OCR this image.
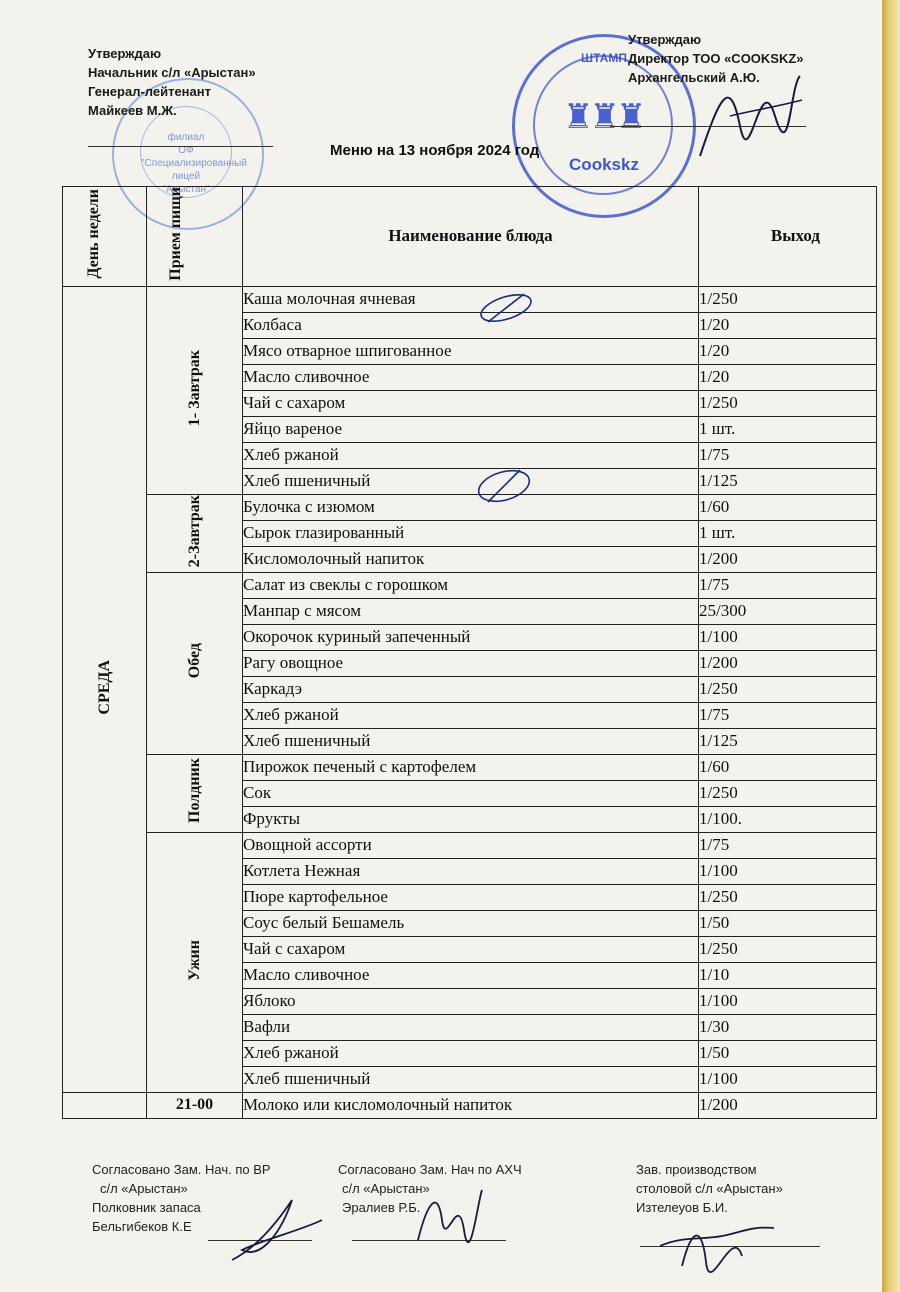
филиал
ОФ
"Специализированный
лицей
"Арыстан"
Утверждаю
Начальник с/л «Арыстан»
Генерал-лейтенант
Майкеев М.Ж.
ШТАМП
♜♜♜
Cookskz
Утверждаю
Директор ТОО «COOKSKZ»
Архангельский А.Ю.
Меню на 13 ноября 2024 год
День недели	Прием пищи	Наименование блюда	Выход
СРЕДА	1- Завтрак	Каша молочная ячневая	1/250
		Колбаса	1/20
		Мясо отварное шпигованное	1/20
		Масло сливочное	1/20
		Чай с сахаром	1/250
		Яйцо вареное	1 шт.
		Хлеб ржаной	1/75
		Хлеб пшеничный	1/125
	2-Завтрак	Булочка с изюмом	1/60
		Сырок глазированный	1 шт.
		Кисломолочный напиток	1/200
	Обед	Салат из свеклы с горошком	1/75
		Манпар с мясом	25/300
		Окорочок куриный запеченный	1/100
		Рагу овощное	1/200
		Каркадэ	1/250
		Хлеб ржаной	1/75
		Хлеб пшеничный	1/125
	Полдник	Пирожок печеный с картофелем	1/60
		Сок	1/250
		Фрукты	1/100.
	Ужин	Овощной ассорти	1/75
		Котлета Нежная	1/100
		Пюре картофельное	1/250
		Соус белый Бешамель	1/50
		Чай с сахаром	1/250
		Масло сливочное	1/10
		Яблоко	1/100
		Вафли	1/30
		Хлеб ржаной	1/50
		Хлеб пшеничный	1/100
	21-00	Молоко или кисломолочный напиток	1/200
Согласовано Зам. Нач. по ВР
с/л «Арыстан»
Полковник запаса
Бельгибеков К.Е
Согласовано Зам. Нач по АХЧ
с/л «Арыстан»
Эралиев Р.Б.
Зав. производством
столовой с/л «Арыстан»
Изтелеуов Б.И.
